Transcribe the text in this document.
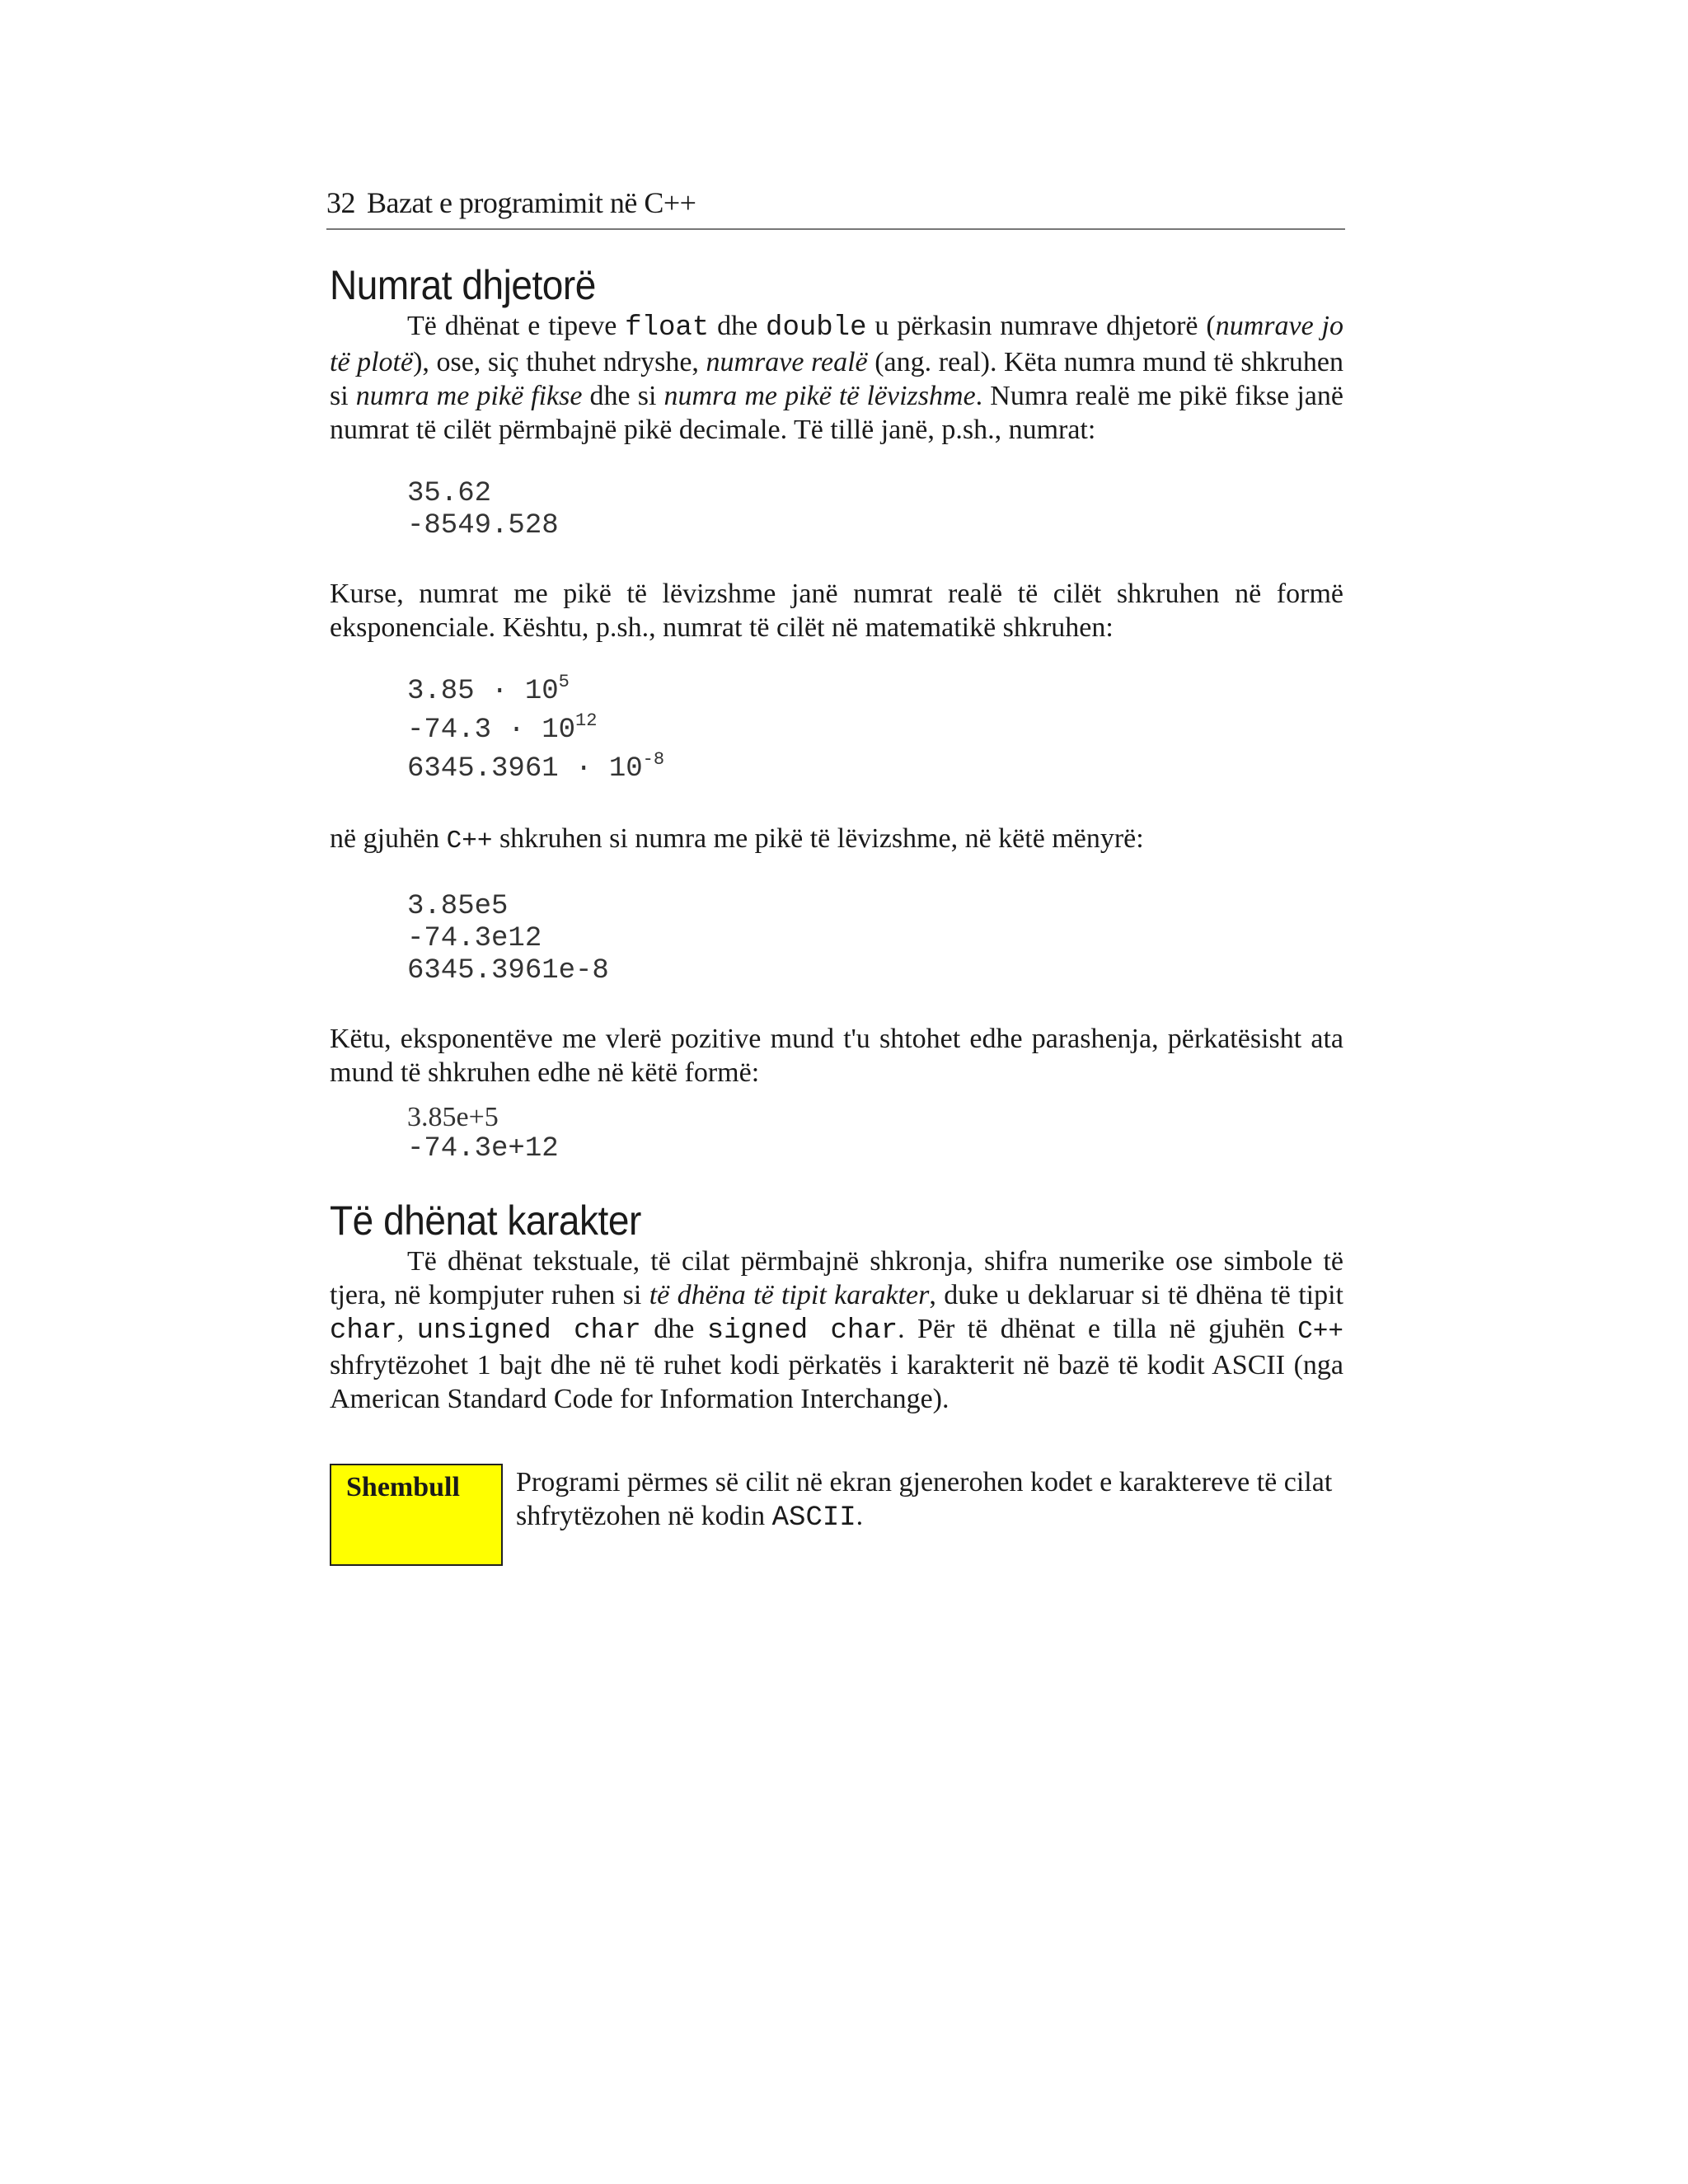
32 Bazat e programimit në C++
Numrat dhjetorë

Të dhënat e tipeve float dhe double u përkasin numrave dhjetorë (numrave jo të plotë), ose, siç thuhet ndryshe, numrave realë (ang. real). Këta numra mund të shkruhen si numra me pikë fikse dhe si numra me pikë të lëvizshme. Numra realë me pikë fikse janë numrat të cilët përmbajnë pikë decimale. Të tillë janë, p.sh., numrat:

35.62
-8549.528

Kurse, numrat me pikë të lëvizshme janë numrat realë të cilët shkruhen në formë eksponenciale. Kështu, p.sh., numrat të cilët në matematikë shkruhen:

$3.85 \cdot 10^5$
$-74.3 \cdot 10^{12}$
$6345.3961 \cdot 10^{-8}$

në gjuhën C++ shkruhen si numra me pikë të lëvizshme, në këtë mënyrë:

3.85e5
-74.3e12
6345.3961e-8

Këtu, eksponentëve me vlerë pozitive mund t'u shtohet edhe parashenja, përkatësisht ata mund të shkruhen edhe në këtë formë:

3.85e+5
-74.3e+12
Të dhënat karakter

Të dhënat tekstuale, të cilat përmbajnë shkronja, shifra numerike ose simbole të tjera, në kompjuter ruhen si të dhëna të tipit karakter, duke u deklaruar si të dhëna të tipit char, unsigned char dhe signed char. Për të dhënat e tilla në gjuhën C++ shfrytëzohet 1 bajt dhe në të ruhet kodi përkatës i karakterit në bazë të kodit ASCII (nga American Standard Code for Information Interchange).

Shembull	Programi përmes së cilit në ekran gjenerohen kodet e karaktereve të cilat shfrytëzohen në kodin ASCII.
